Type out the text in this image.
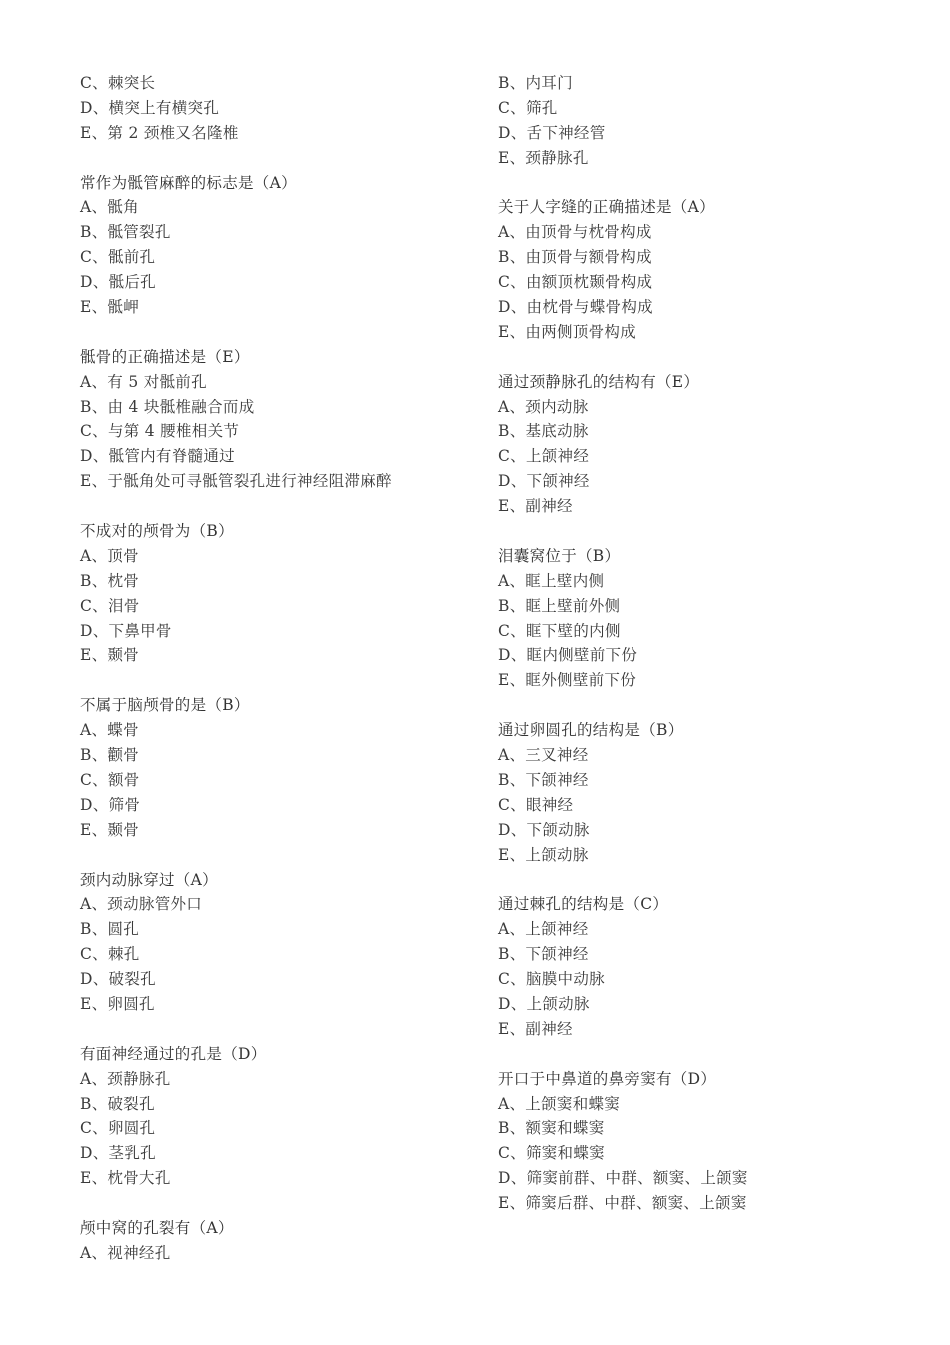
C、棘突长
D、横突上有横突孔
E、第 2 颈椎又名隆椎
常作为骶管麻醉的标志是（A）
A、骶角
B、骶管裂孔
C、骶前孔
D、骶后孔
E、骶岬
骶骨的正确描述是（E）
A、有 5 对骶前孔
B、由 4 块骶椎融合而成
C、与第 4 腰椎相关节
D、骶管内有脊髓通过
E、于骶角处可寻骶管裂孔进行神经阻滞麻醉
不成对的颅骨为（B）
A、顶骨
B、枕骨
C、泪骨
D、下鼻甲骨
E、颞骨
不属于脑颅骨的是（B）
A、蝶骨
B、颧骨
C、额骨
D、筛骨
E、颞骨
颈内动脉穿过（A）
A、颈动脉管外口
B、圆孔
C、棘孔
D、破裂孔
E、卵圆孔
有面神经通过的孔是（D）
A、颈静脉孔
B、破裂孔
C、卵圆孔
D、茎乳孔
E、枕骨大孔
颅中窝的孔裂有（A）
A、视神经孔
B、内耳门
C、筛孔
D、舌下神经管
E、颈静脉孔
关于人字缝的正确描述是（A）
A、由顶骨与枕骨构成
B、由顶骨与额骨构成
C、由额顶枕颞骨构成
D、由枕骨与蝶骨构成
E、由两侧顶骨构成
通过颈静脉孔的结构有（E）
A、颈内动脉
B、基底动脉
C、上颌神经
D、下颌神经
E、副神经
泪囊窝位于（B）
A、眶上壁内侧
B、眶上壁前外侧
C、眶下壁的内侧
D、眶内侧壁前下份
E、眶外侧壁前下份
通过卵圆孔的结构是（B）
A、三叉神经
B、下颌神经
C、眼神经
D、下颌动脉
E、上颌动脉
通过棘孔的结构是（C）
A、上颌神经
B、下颌神经
C、脑膜中动脉
D、上颌动脉
E、副神经
开口于中鼻道的鼻旁窦有（D）
A、上颌窦和蝶窦
B、额窦和蝶窦
C、筛窦和蝶窦
D、筛窦前群、中群、额窦、上颌窦
E、筛窦后群、中群、额窦、上颌窦
